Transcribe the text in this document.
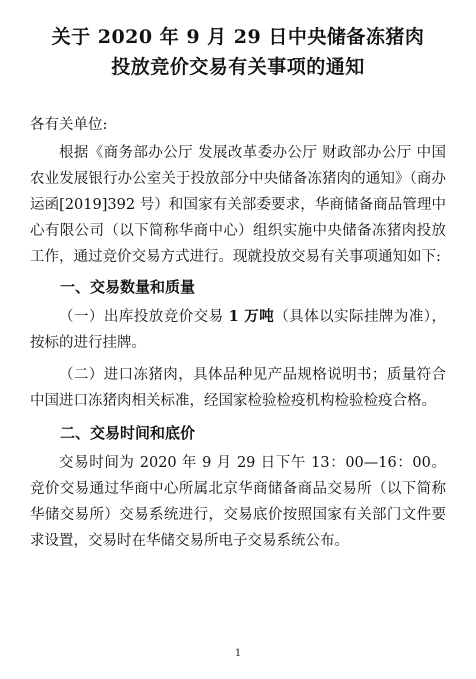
关于 2020 年 9 月 29 日中央储备冻猪肉
投放竞价交易有关事项的通知

各有关单位:

根据《商务部办公厅 发展改革委办公厅 财政部办公厅 中国农业发展银行办公室关于投放部分中央储备冻猪肉的通知》（商办运函[2019]392 号）和国家有关部委要求，华商储备商品管理中心有限公司（以下简称华商中心）组织实施中央储备冻猪肉投放工作，通过竞价交易方式进行。现就投放交易有关事项通知如下:

一、交易数量和质量

（一）出库投放竞价交易 1 万吨（具体以实际挂牌为准），按标的进行挂牌。

（二）进口冻猪肉，具体品种见产品规格说明书；质量符合中国进口冻猪肉相关标准，经国家检验检疫机构检验检疫合格。

二、交易时间和底价

交易时间为 2020 年 9 月 29 日下午 13：00—16：00。竞价交易通过华商中心所属北京华商储备商品交易所（以下简称华储交易所）交易系统进行，交易底价按照国家有关部门文件要求设置，交易时在华储交易所电子交易系统公布。

1
